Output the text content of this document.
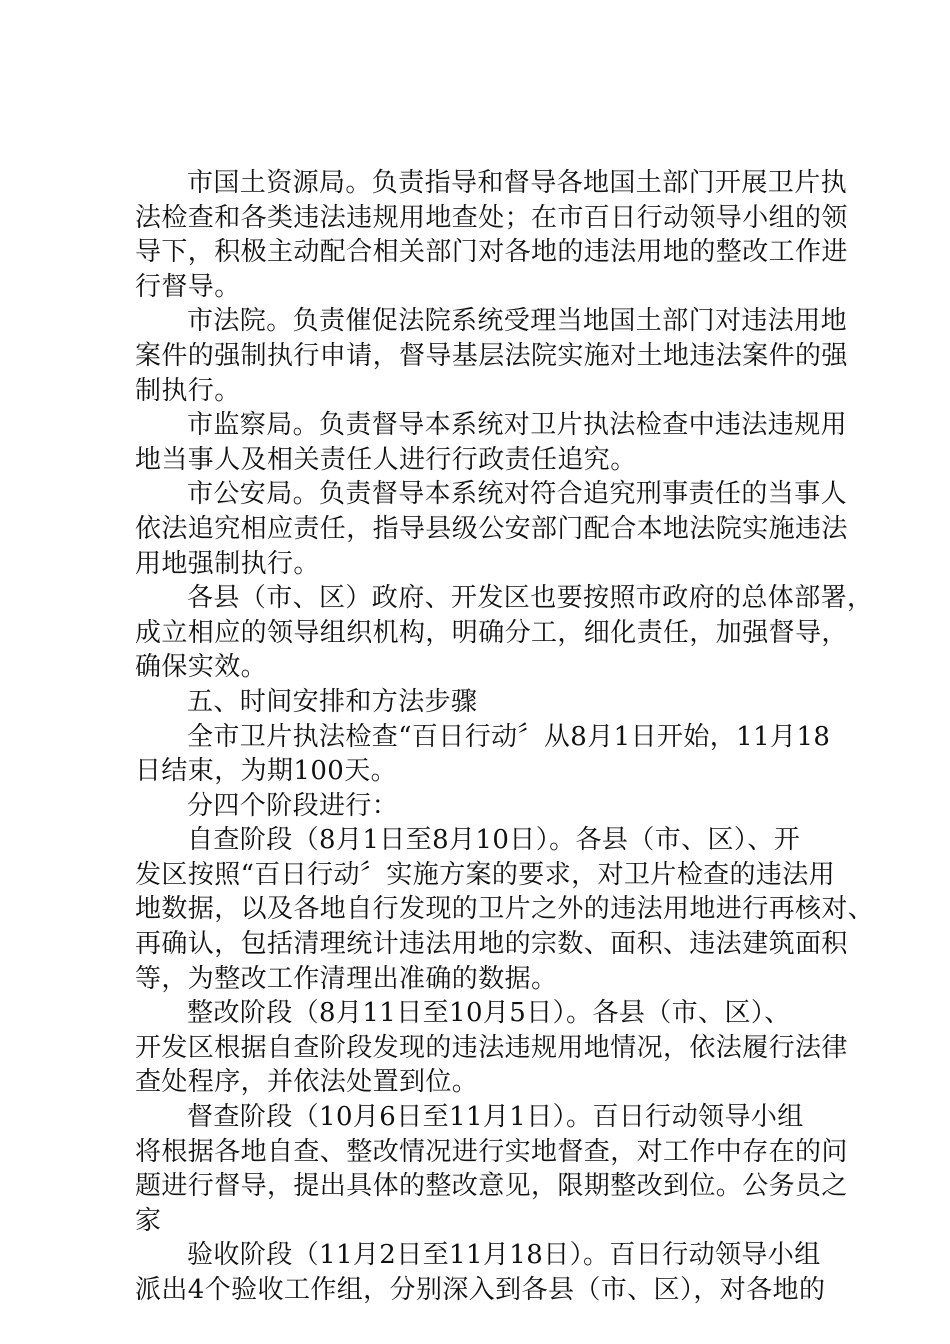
市国土资源局。负责指导和督导各地国土部门开展卫片执
法检查和各类违法违规用地查处；在市百日行动领导小组的领
导下，积极主动配合相关部门对各地的违法用地的整改工作进
行督导。
市法院。负责催促法院系统受理当地国土部门对违法用地
案件的强制执行申请，督导基层法院实施对土地违法案件的强
制执行。
市监察局。负责督导本系统对卫片执法检查中违法违规用
地当事人及相关责任人进行行政责任追究。
市公安局。负责督导本系统对符合追究刑事责任的当事人
依法追究相应责任，指导县级公安部门配合本地法院实施违法
用地强制执行。
各县（市、区）政府、开发区也要按照市政府的总体部署，
成立相应的领导组织机构，明确分工，细化责任，加强督导，
确保实效。
五、时间安排和方法步骤
全市卫片执法检查“百日行动〞从8月1日开始，11月18
日结束，为期100天。
分四个阶段进行：
自查阶段（8月1日至8月10日）。各县（市、区）、开
发区按照“百日行动〞实施方案的要求，对卫片检查的违法用
地数据，以及各地自行发现的卫片之外的违法用地进行再核对、
再确认，包括清理统计违法用地的宗数、面积、违法建筑面积
等，为整改工作清理出准确的数据。
整改阶段（8月11日至10月5日）。各县（市、区）、
开发区根据自查阶段发现的违法违规用地情况，依法履行法律
查处程序，并依法处置到位。
督查阶段（10月6日至11月1日）。百日行动领导小组
将根据各地自查、整改情况进行实地督查，对工作中存在的问
题进行督导，提出具体的整改意见，限期整改到位。公务员之
家
验收阶段（11月2日至11月18日）。百日行动领导小组
派出4个验收工作组，分别深入到各县（市、区），对各地的
